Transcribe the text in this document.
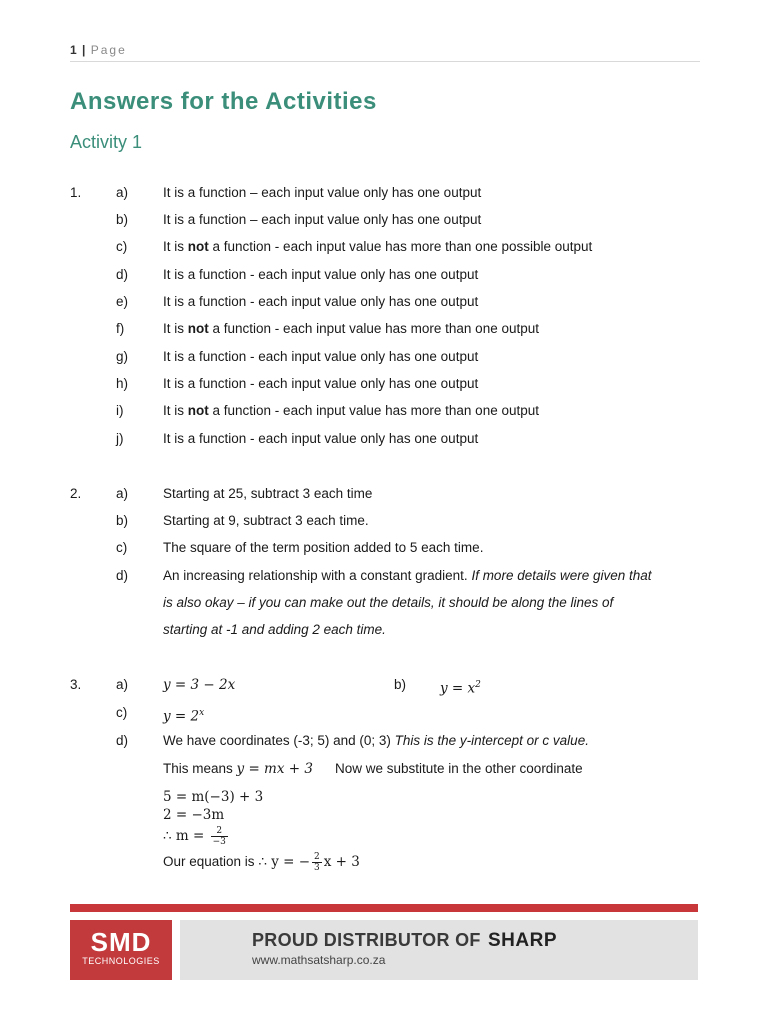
1 | Page
Answers for the Activities
Activity 1
1.	a)	It is a function – each input value only has one output
b)	It is a function – each input value only has one output
c)	It is not a function - each input value has more than one possible output
d)	It is a function - each input value only has one output
e)	It is a function - each input value only has one output
f)	It is not a function - each input value has more than one output
g)	It is a function - each input value only has one output
h)	It is a function - each input value only has one output
i)	It is not a function - each input value has more than one output
j)	It is a function - each input value only has one output
2.	a)	Starting at 25, subtract 3 each time
b)	Starting at 9, subtract 3 each time.
c)	The square of the term position added to 5 each time.
d)	An increasing relationship with a constant gradient. If more details were given that
is also okay – if you can make out the details, it should be along the lines of
starting at -1 and adding 2 each time.
3.	a)	y = 3 − 2x	b)	$y = x^2$
c)	$y = 2^x$
d)	We have coordinates (-3; 5) and (0; 3) This is the y-intercept or c value.
This means y = mx + 3 Now we substitute in the other coordinate
5 = m(−3) + 3
2 = −3m
∴ $m = \frac{2}{-3}$
Our equation is ∴ y = − $\frac{2}{3}$ x + 3
SMD
TECHNOLOGIES
PROUD DISTRIBUTOR OF SHARP
www.mathsatsharp.co.za
